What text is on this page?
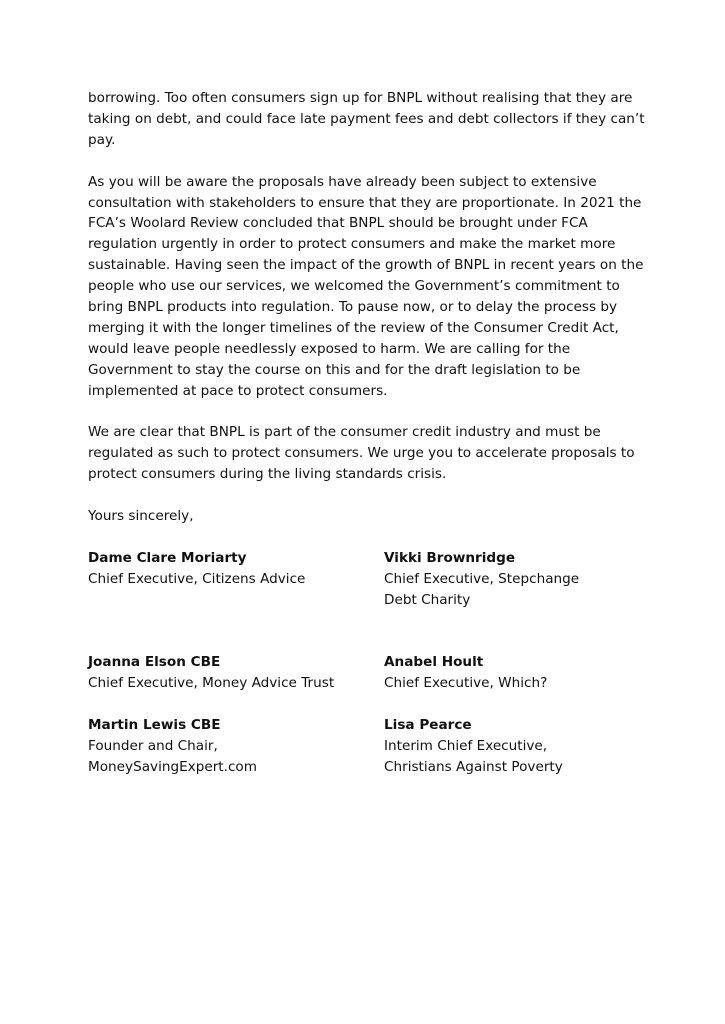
borrowing. Too often consumers sign up for BNPL without realising that they are taking on debt, and could face late payment fees and debt collectors if they can’t pay.

As you will be aware the proposals have already been subject to extensive consultation with stakeholders to ensure that they are proportionate. In 2021 the FCA’s Woolard Review concluded that BNPL should be brought under FCA regulation urgently in order to protect consumers and make the market more sustainable. Having seen the impact of the growth of BNPL in recent years on the people who use our services, we welcomed the Government’s commitment to bring BNPL products into regulation. To pause now, or to delay the process by merging it with the longer timelines of the review of the Consumer Credit Act, would leave people needlessly exposed to harm. We are calling for the Government to stay the course on this and for the draft legislation to be implemented at pace to protect consumers.

We are clear that BNPL is part of the consumer credit industry and must be regulated as such to protect consumers. We urge you to accelerate proposals to protect consumers during the living standards crisis.

Yours sincerely,

Dame Clare Moriarty
Chief Executive, Citizens Advice
Vikki Brownridge
Chief Executive, Stepchange Debt Charity
Joanna Elson CBE
Chief Executive, Money Advice Trust
Anabel Hoult
Chief Executive, Which?
Martin Lewis CBE
Founder and Chair, MoneySavingExpert.com
Lisa Pearce
Interim Chief Executive, Christians Against Poverty
